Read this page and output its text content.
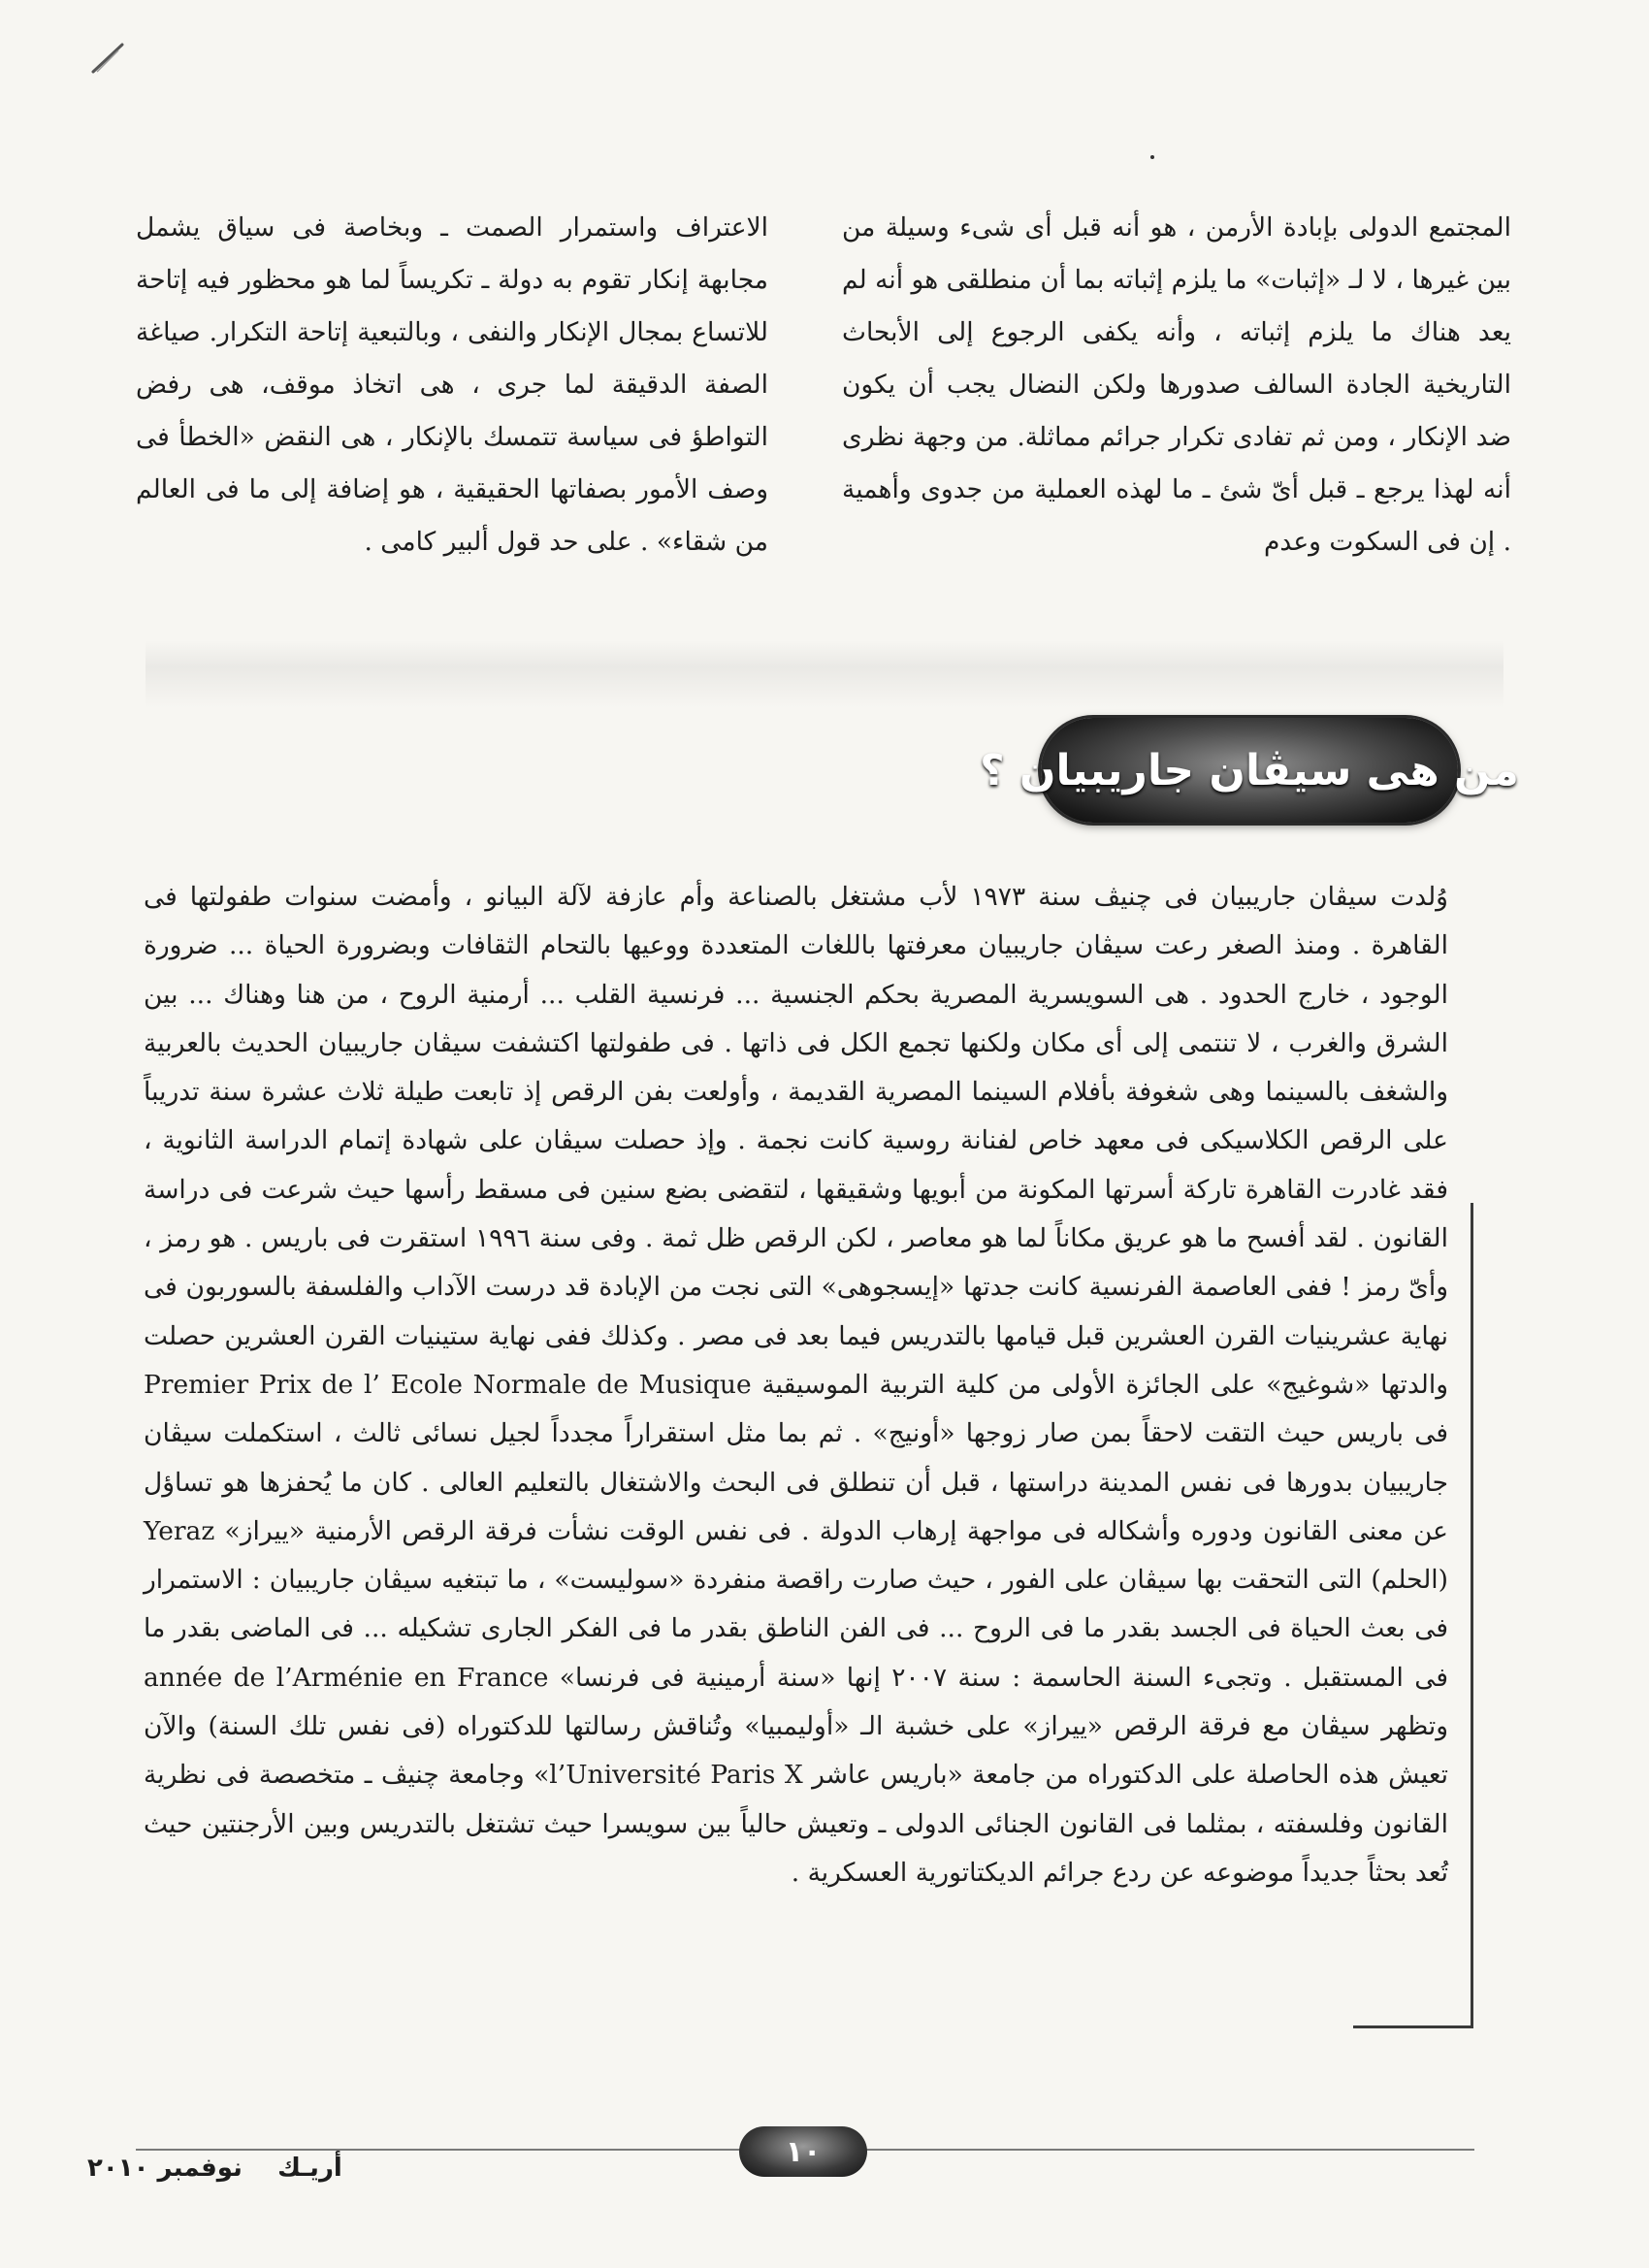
المجتمع الدولى بإبادة الأرمن ، هو أنه قبل أى شىء وسيلة من بين غيرها ، لا لـ «إثبات» ما يلزم إثباته بما أن منطلقى هو أنه لم يعد هناك ما يلزم إثباته ، وأنه يكفى الرجوع إلى الأبحاث التاريخية الجادة السالف صدورها ولكن النضال يجب أن يكون ضد الإنكار ، ومن ثم تفادى تكرار جرائم مماثلة. من وجهة نظرى أنه لهذا يرجع ـ قبل أىّ شئ ـ ما لهذه العملية من جدوى وأهمية . إن فى السكوت وعدم

الاعتراف واستمرار الصمت ـ وبخاصة فى سياق يشمل مجابهة إنكار تقوم به دولة ـ تكريساً لما هو محظور فيه إتاحة للاتساع بمجال الإنكار والنفى ، وبالتبعية إتاحة التكرار. صياغة الصفة الدقيقة لما جرى ، هى اتخاذ موقف، هى رفض التواطؤ فى سياسة تتمسك بالإنكار ، هى النقض «الخطأ فى وصف الأمور بصفاتها الحقيقية ، هو إضافة إلى ما فى العالم من شقاء» . على حد قول ألبير كامى .

من هى سيڤان جاريبيان ؟

وُلدت سيڤان جاريبيان فى چنيڤ سنة ١٩٧٣ لأب مشتغل بالصناعة وأم عازفة لآلة البيانو ، وأمضت سنوات طفولتها فى القاهرة . ومنذ الصغر رعت سيڤان جاريبيان معرفتها باللغات المتعددة ووعيها بالتحام الثقافات وبضرورة الحياة ... ضرورة الوجود ، خارج الحدود . هى السويسرية المصرية بحكم الجنسية ... فرنسية القلب ... أرمنية الروح ، من هنا وهناك ... بين الشرق والغرب ، لا تنتمى إلى أى مكان ولكنها تجمع الكل فى ذاتها . فى طفولتها اكتشفت سيڤان جاريبيان الحديث بالعربية والشغف بالسينما وهى شغوفة بأفلام السينما المصرية القديمة ، وأولعت بفن الرقص إذ تابعت طيلة ثلاث عشرة سنة تدريباً على الرقص الكلاسيكى فى معهد خاص لفنانة روسية كانت نجمة . وإذ حصلت سيڤان على شهادة إتمام الدراسة الثانوية ، فقد غادرت القاهرة تاركة أسرتها المكونة من أبويها وشقيقها ، لتقضى بضع سنين فى مسقط رأسها حيث شرعت فى دراسة القانون . لقد أفسح ما هو عريق مكاناً لما هو معاصر ، لكن الرقص ظل ثمة . وفى سنة ١٩٩٦ استقرت فى باريس . هو رمز ، وأىّ رمز ! ففى العاصمة الفرنسية كانت جدتها «إيسجوهى» التى نجت من الإبادة قد درست الآداب والفلسفة بالسوربون فى نهاية عشرينيات القرن العشرين قبل قيامها بالتدريس فيما بعد فى مصر . وكذلك ففى نهاية ستينيات القرن العشرين حصلت والدتها «شوغيج» على الجائزة الأولى من كلية التربية الموسيقية Premier Prix de l’ Ecole Normale de Musique فى باريس حيث التقت لاحقاً بمن صار زوجها «أونيج» . ثم بما مثل استقراراً مجدداً لجيل نسائى ثالث ، استكملت سيڤان جاريبيان بدورها فى نفس المدينة دراستها ، قبل أن تنطلق فى البحث والاشتغال بالتعليم العالى . كان ما يُحفزها هو تساؤل عن معنى القانون ودوره وأشكاله فى مواجهة إرهاب الدولة . فى نفس الوقت نشأت فرقة الرقص الأرمنية «ييراز» Yeraz (الحلم) التى التحقت بها سيڤان على الفور ، حيث صارت راقصة منفردة «سوليست» ، ما تبتغيه سيڤان جاريبيان : الاستمرار فى بعث الحياة فى الجسد بقدر ما فى الروح ... فى الفن الناطق بقدر ما فى الفكر الجارى تشكيله ... فى الماضى بقدر ما فى المستقبل . وتجىء السنة الحاسمة : سنة ٢٠٠٧ إنها «سنة أرمينية فى فرنسا» année de l’Arménie en France وتظهر سيڤان مع فرقة الرقص «ييراز» على خشبة الـ «أوليمبيا» وتُناقش رسالتها للدكتوراه (فى نفس تلك السنة) والآن تعيش هذه الحاصلة على الدكتوراه من جامعة «باريس عاشر l’Université Paris X» وجامعة چنيڤ ـ متخصصة فى نظرية القانون وفلسفته ، بمثلما فى القانون الجنائى الدولى ـ وتعيش حالياً بين سويسرا حيث تشتغل بالتدريس وبين الأرجنتين حيث تُعد بحثاً جديداً موضوعه عن ردع جرائم الديكتاتورية العسكرية .

١٠
أريـك    نوفمبر ٢٠١٠
